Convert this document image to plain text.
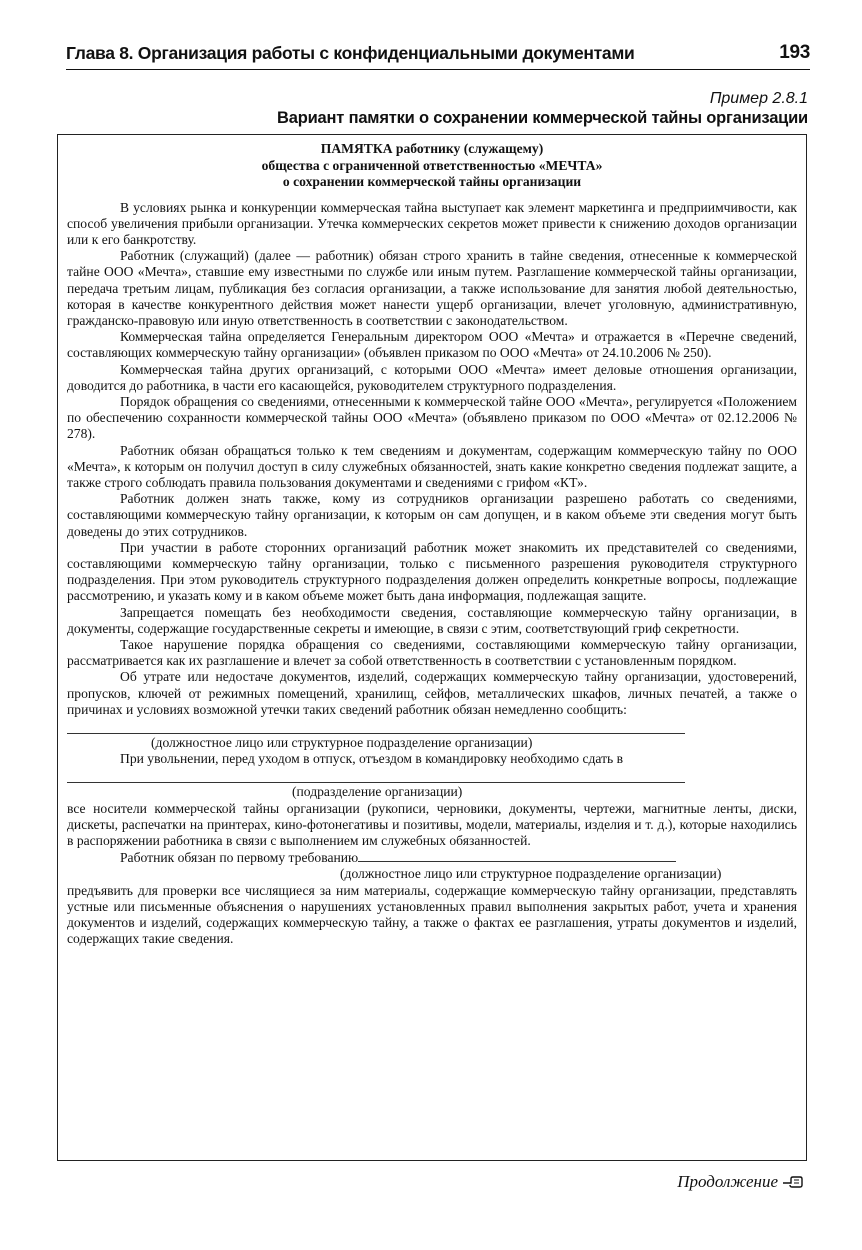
Глава 8. Организация работы с конфиденциальными документами	193
Пример 2.8.1
Вариант памятки о сохранении коммерческой тайны организации
ПАМЯТКА работнику (служащему)
общества с ограниченной ответственностью «МЕЧТА»
о сохранении коммерческой тайны организации

В условиях рынка и конкуренции коммерческая тайна выступает как элемент маркетинга и предприимчивости, как способ увеличения прибыли организации. Утечка коммерческих секретов может привести к снижению доходов организации или к его банкротству.

Работник (служащий) (далее — работник) обязан строго хранить в тайне сведения, отнесенные к коммерческой тайне ООО «Мечта», ставшие ему известными по службе или иным путем. Разглашение коммерческой тайны организации, передача третьим лицам, публикация без согласия организации, а также использование для занятия любой деятельностью, которая в качестве конкурентного действия может нанести ущерб организации, влечет уголовную, административную, гражданско-правовую или иную ответственность в соответствии с законодательством.

Коммерческая тайна определяется Генеральным директором ООО «Мечта» и отражается в «Перечне сведений, составляющих коммерческую тайну организации» (объявлен приказом по ООО «Мечта» от 24.10.2006 № 250).

Коммерческая тайна других организаций, с которыми ООО «Мечта» имеет деловые отношения организации, доводится до работника, в части его касающейся, руководителем структурного подразделения.

Порядок обращения со сведениями, отнесенными к коммерческой тайне ООО «Мечта», регулируется «Положением по обеспечению сохранности коммерческой тайны ООО «Мечта» (объявлено приказом по ООО «Мечта» от 02.12.2006 № 278).

Работник обязан обращаться только к тем сведениям и документам, содержащим коммерческую тайну по ООО «Мечта», к которым он получил доступ в силу служебных обязанностей, знать какие конкретно сведения подлежат защите, а также строго соблюдать правила пользования документами и сведениями с грифом «КТ».

Работник должен знать также, кому из сотрудников организации разрешено работать со сведениями, составляющими коммерческую тайну организации, к которым он сам допущен, и в каком объеме эти сведения могут быть доведены до этих сотрудников.

При участии в работе сторонних организаций работник может знакомить их представителей со сведениями, составляющими коммерческую тайну организации, только с письменного разрешения руководителя структурного подразделения. При этом руководитель структурного подразделения должен определить конкретные вопросы, подлежащие рассмотрению, и указать кому и в каком объеме может быть дана информация, подлежащая защите.

Запрещается помещать без необходимости сведения, составляющие коммерческую тайну организации, в документы, содержащие государственные секреты и имеющие, в связи с этим, соответствующий гриф секретности.

Такое нарушение порядка обращения со сведениями, составляющими коммерческую тайну организации, рассматривается как их разглашение и влечет за собой ответственность в соответствии с установленным порядком.

Об утрате или недостаче документов, изделий, содержащих коммерческую тайну организации, удостоверений, пропусков, ключей от режимных помещений, хранилищ, сейфов, металлических шкафов, личных печатей, а также о причинах и условиях возможной утечки таких сведений работник обязан немедленно сообщить:

(должностное лицо или структурное подразделение организации)

При увольнении, перед уходом в отпуск, отъездом в командировку необходимо сдать в

(подразделение организации)

все носители коммерческой тайны организации (рукописи, черновики, документы, чертежи, магнитные ленты, диски, дискеты, распечатки на принтерах, кино-фотонегативы и позитивы, модели, материалы, изделия и т. д.), которые находились в распоряжении работника в связи с выполнением им служебных обязанностей.

Работник обязан по первому требованию

(должностное лицо или структурное подразделение организации)

предъявить для проверки все числящиеся за ним материалы, содержащие коммерческую тайну организации, представлять устные или письменные объяснения о нарушениях установленных правил выполнения закрытых работ, учета и хранения документов и изделий, содержащих коммерческую тайну, а также о фактах ее разглашения, утраты документов и изделий, содержащих такие сведения.

Продолжение
